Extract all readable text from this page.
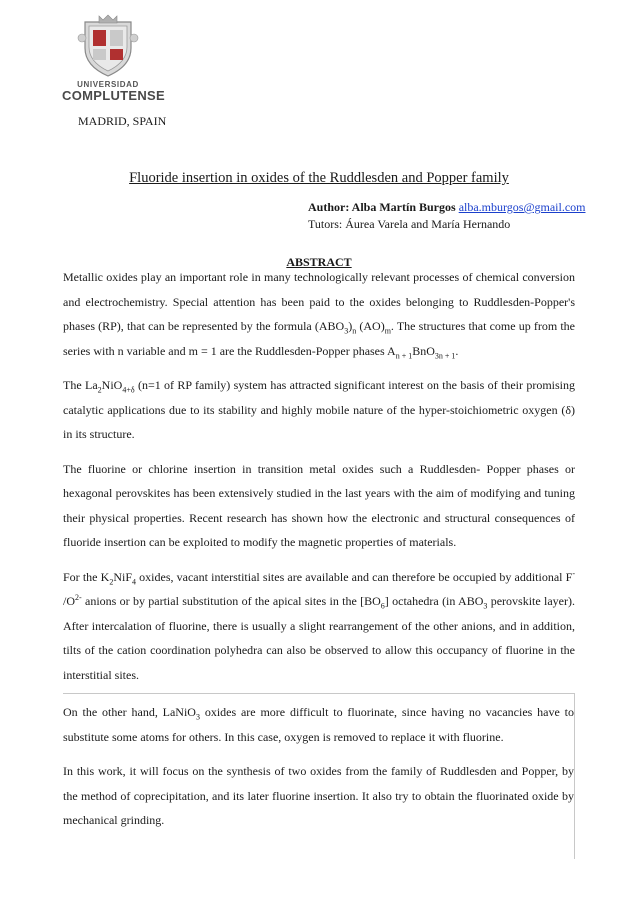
UNIVERSIDAD
COMPLUTENSE
MADRID, SPAIN
Fluoride insertion in oxides of the Ruddlesden and Popper family
Author: Alba Martín Burgos alba.mburgos@gmail.com
Tutors: Áurea Varela and María Hernando
ABSTRACT

Metallic oxides play an important role in many technologically relevant processes of chemical conversion and electrochemistry. Special attention has been paid to the oxides belonging to Ruddlesden-Popper's phases (RP), that can be represented by the formula $(ABO_3)_n$ $(AO)_m$. The structures that come up from the series with n variable and m = 1 are the Ruddlesden-Popper phases $A_{n + 1}BnO_{3n + 1}$.

The $La_2NiO_{4+\delta}$ (n=1 of RP family) system has attracted significant interest on the basis of their promising catalytic applications due to its stability and highly mobile nature of the hyper-stoichiometric oxygen (δ) in its structure.

The fluorine or chlorine insertion in transition metal oxides such a Ruddlesden- Popper phases or hexagonal perovskites has been extensively studied in the last years with the aim of modifying and tuning their physical properties. Recent research has shown how the electronic and structural consequences of fluoride insertion can be exploited to modify the magnetic properties of materials.

For the $K_2NiF_4$ oxides, vacant interstitial sites are available and can therefore be occupied by additional F- $/O^{2-}$ anions or by partial substitution of the apical sites in the $[BO_6]$ octahedra (in $ABO_3$ perovskite layer). After intercalation of fluorine, there is usually a slight rearrangement of the other anions, and in addition, tilts of the cation coordination polyhedra can also be observed to allow this occupancy of fluorine in the interstitial sites.

On the other hand, LaNiO$_3$ oxides are more difficult to fluorinate, since having no vacancies have to substitute some atoms for others. In this case, oxygen is removed to replace it with fluorine.

In this work, it will focus on the synthesis of two oxides from the family of Ruddlesden and Popper, by the method of coprecipitation, and its later fluorine insertion. It also try to obtain the fluorinated oxide by mechanical grinding.
